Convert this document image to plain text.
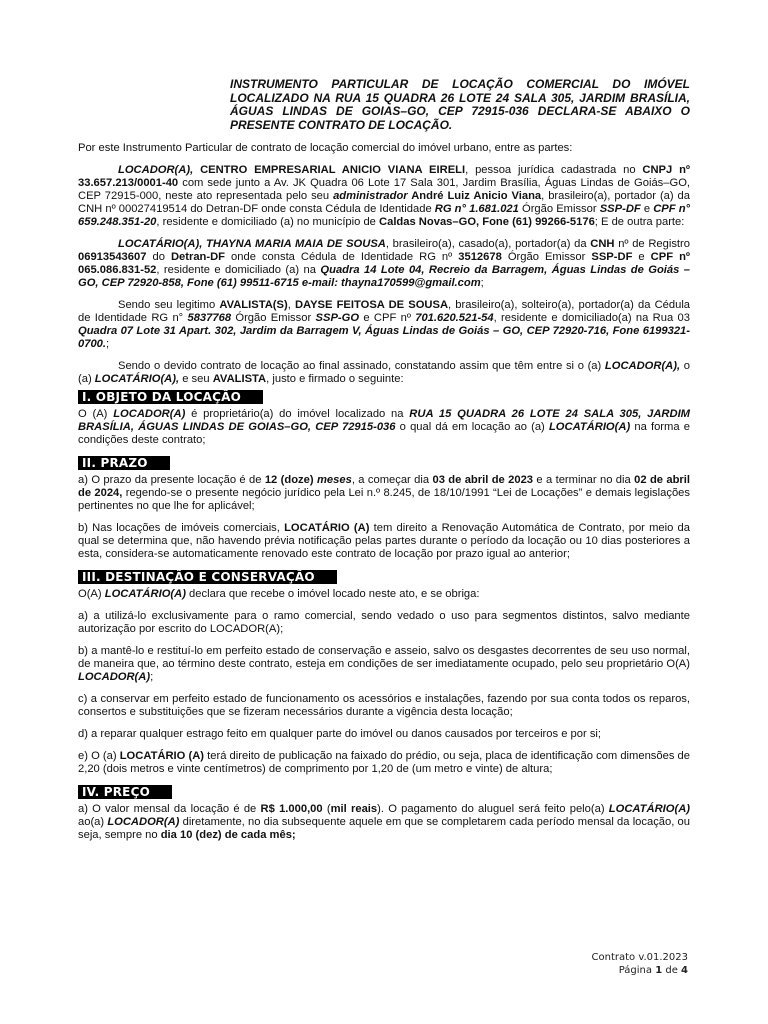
INSTRUMENTO PARTICULAR DE LOCAÇÃO COMERCIAL DO IMÓVEL LOCALIZADO NA RUA 15 QUADRA 26 LOTE 24 SALA 305, JARDIM BRASÍLIA, ÁGUAS LINDAS DE GOIAS–GO, CEP 72915-036 DECLARA-SE ABAIXO O PRESENTE CONTRATO DE LOCAÇÃO.

Por este Instrumento Particular de contrato de locação comercial do imóvel urbano, entre as partes:

LOCADOR(A), CENTRO EMPRESARIAL ANICIO VIANA EIRELI, pessoa jurídica cadastrada no CNPJ nº 33.657.213/0001-40 com sede junto a Av. JK Quadra 06 Lote 17 Sala 301, Jardim Brasília, Águas Lindas de Goiás–GO, CEP 72915-000, neste ato representada pelo seu administrador André Luiz Anicio Viana, brasileiro(a), portador (a) da CNH nº 00027419514 do Detran-DF onde consta Cédula de Identidade RG n° 1.681.021 Órgão Emissor SSP-DF e CPF n° 659.248.351-20, residente e domiciliado (a) no município de Caldas Novas–GO, Fone (61) 99266-5176; E de outra parte:

LOCATÁRIO(A), THAYNA MARIA MAIA DE SOUSA, brasileiro(a), casado(a), portador(a) da CNH nº de Registro 06913543607 do Detran-DF onde consta Cédula de Identidade RG nº 3512678 Órgão Emissor SSP-DF e CPF nº 065.086.831-52, residente e domiciliado (a) na Quadra 14 Lote 04, Recreio da Barragem, Águas Lindas de Goiás – GO, CEP 72920-858, Fone (61) 99511-6715 e-mail: thayna170599@gmail.com;

Sendo seu legitimo AVALISTA(S), DAYSE FEITOSA DE SOUSA, brasileiro(a), solteiro(a), portador(a) da Cédula de Identidade RG n° 5837768 Órgão Emissor SSP-GO e CPF nº 701.620.521-54, residente e domiciliado(a) na Rua 03 Quadra 07 Lote 31 Apart. 302, Jardim da Barragem V, Águas Lindas de Goiás – GO, CEP 72920-716, Fone 6199321-0700.;

Sendo o devido contrato de locação ao final assinado, constatando assim que têm entre si o (a) LOCADOR(A), o (a) LOCATÁRIO(A), e seu AVALISTA, justo e firmado o seguinte:

I. OBJETO DA LOCAÇÃO

O (A) LOCADOR(A) é proprietário(a) do imóvel localizado na RUA 15 QUADRA 26 LOTE 24 SALA 305, JARDIM BRASÍLIA, ÁGUAS LINDAS DE GOIAS–GO, CEP 72915-036 o qual dá em locação ao (a) LOCATÁRIO(A) na forma e condições deste contrato;

II. PRAZO

a) O prazo da presente locação é de 12 (doze) meses, a começar dia 03 de abril de 2023 e a terminar no dia 02 de abril de 2024, regendo-se o presente negócio jurídico pela Lei n.º 8.245, de 18/10/1991 “Lei de Locações” e demais legislações pertinentes no que lhe for aplicável;

b) Nas locações de imóveis comerciais, LOCATÁRIO (A) tem direito a Renovação Automática de Contrato, por meio da qual se determina que, não havendo prévia notificação pelas partes durante o período da locação ou 10 dias posteriores a esta, considera-se automaticamente renovado este contrato de locação por prazo igual ao anterior;

III. DESTINAÇÃO E CONSERVAÇÃO

O(A) LOCATÁRIO(A) declara que recebe o imóvel locado neste ato, e se obriga:

a) a utilizá-lo exclusivamente para o ramo comercial, sendo vedado o uso para segmentos distintos, salvo mediante autorização por escrito do LOCADOR(A);

b) a mantê-lo e restituí-lo em perfeito estado de conservação e asseio, salvo os desgastes decorrentes de seu uso normal, de maneira que, ao término deste contrato, esteja em condições de ser imediatamente ocupado, pelo seu proprietário O(A) LOCADOR(A);

c) a conservar em perfeito estado de funcionamento os acessórios e instalações, fazendo por sua conta todos os reparos, consertos e substituições que se fizeram necessários durante a vigência desta locação;

d) a reparar qualquer estrago feito em qualquer parte do imóvel ou danos causados por terceiros e por si;

e) O (a) LOCATÁRIO (A) terá direito de publicação na faixado do prédio, ou seja, placa de identificação com dimensões de 2,20 (dois metros e vinte centímetros) de comprimento por 1,20 de (um metro e vinte) de altura;

IV. PREÇO

a) O valor mensal da locação é de R$ 1.000,00 (mil reais). O pagamento do aluguel será feito pelo(a) LOCATÁRIO(A) ao(a) LOCADOR(A) diretamente, no dia subsequente aquele em que se completarem cada período mensal da locação, ou seja, sempre no dia 10 (dez) de cada mês;

Contrato v.01.2023
Página 1 de 4
